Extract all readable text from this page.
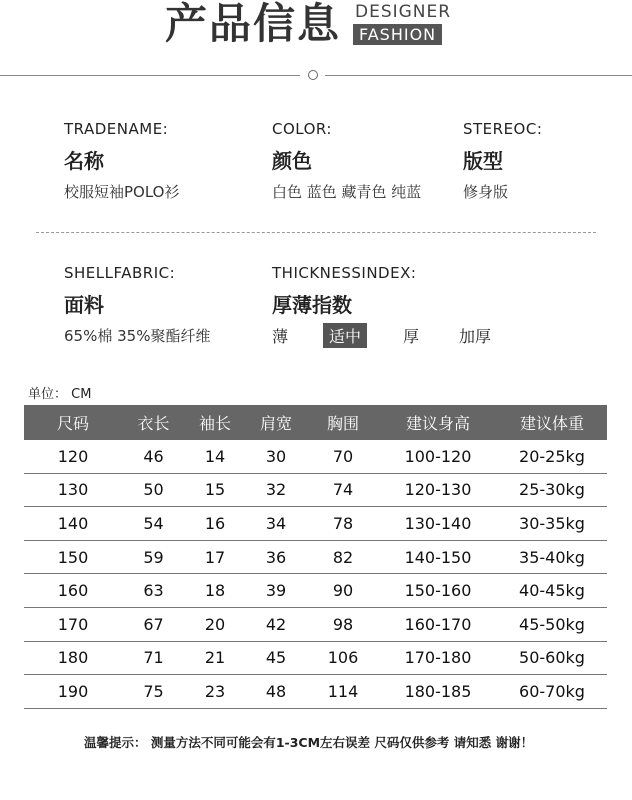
产品信息 DESIGNER
FASHION
TRADENAME:
名称
校服短袖POLO衫
COLOR:
颜色
白色 蓝色 藏青色 纯蓝
STEREOC:
版型
修身版
SHELLFABRIC:
面料
65%棉 35%聚酯纤维
THICKNESSINDEX:
厚薄指数
薄	适中	厚 加厚
单位： CM
尺码	衣长	袖长	肩宽	胸围	建议身高	建议体重
120	46	14	30	70	100-120	20-25kg
130	50	15	32	74	120-130	25-30kg
140	54	16	34	78	130-140	30-35kg
150	59	17	36	82	140-150	35-40kg
160	63	18	39	90	150-160	40-45kg
170	67	20	42	98	160-170	45-50kg
180	71	21	45	106	170-180	50-60kg
190	75	23	48	114	180-185	60-70kg
温馨提示： 测量方法不同可能会有1-3CM左右误差 尺码仅供参考 请知悉 谢谢！
